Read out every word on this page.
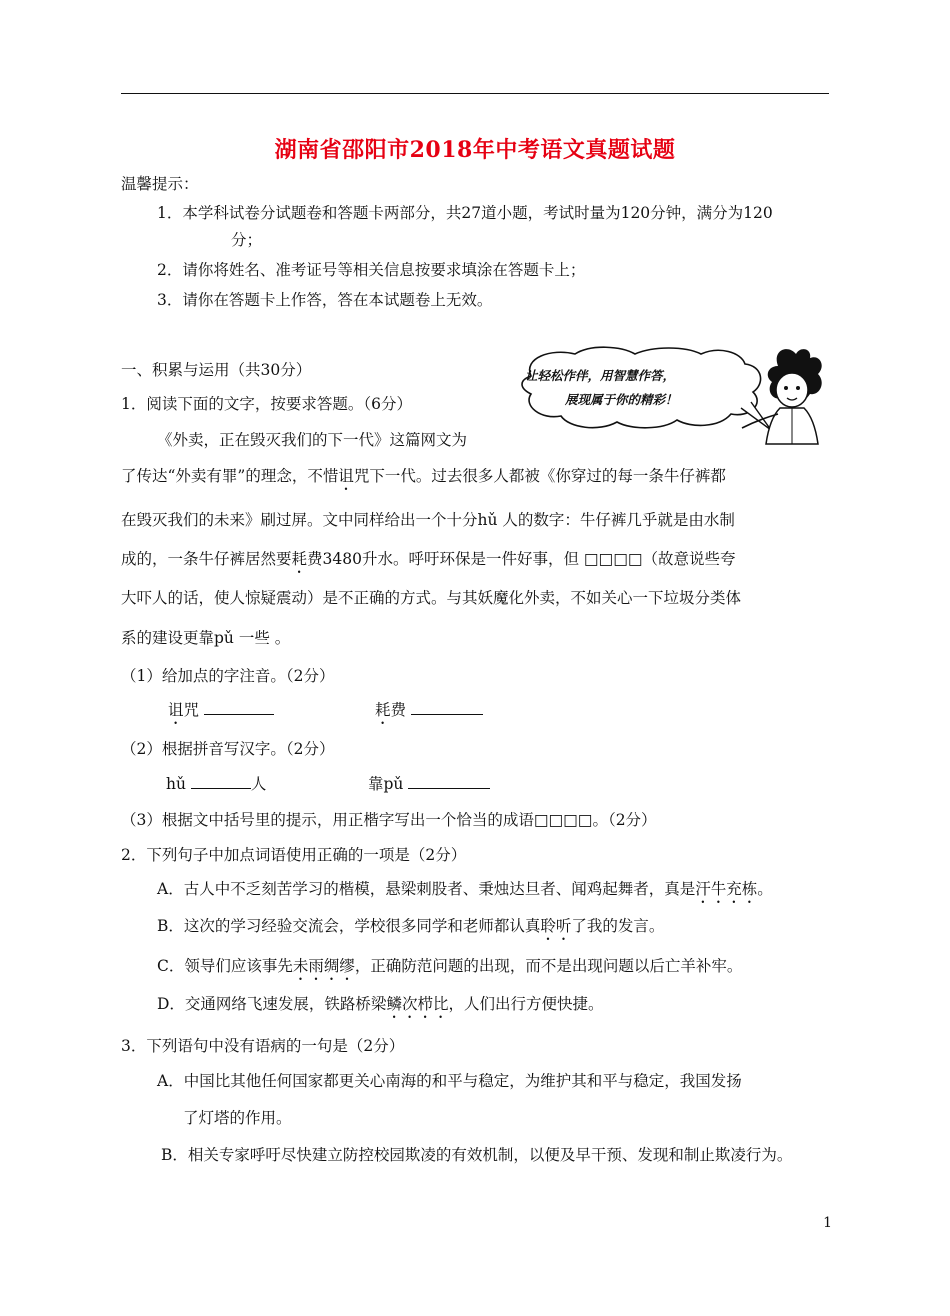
湖南省邵阳市2018年中考语文真题试题
温馨提示：
1．本学科试卷分试题卷和答题卡两部分，共27道小题，考试时量为120分钟，满分为120
分；
2．请你将姓名、准考证号等相关信息按要求填涂在答题卡上；
3．请你在答题卡上作答，答在本试题卷上无效。
让轻松作伴，用智慧作答，
展现属于你的精彩！
一、积累与运用（共30分）
1．阅读下面的文字，按要求答题。（6分）
《外卖，正在毁灭我们的下一代》这篇网文为
了传达“外卖有罪”的理念，不惜诅咒下一代。过去很多人都被《你穿过的每一条牛仔裤都
在毁灭我们的未来》刷过屏。文中同样给出一个十分hǔ 人的数字：牛仔裤几乎就是由水制
成的，一条牛仔裤居然要耗费3480升水。呼吁环保是一件好事，但 □□□□（故意说些夸
大吓人的话，使人惊疑震动）是不正确的方式。与其妖魔化外卖，不如关心一下垃圾分类体
系的建设更靠pǔ 一些 。
（1）给加点的字注音。（2分）
诅咒	耗费
（2）根据拼音写汉字。（2分）
hǔ	人	靠pǔ
（3）根据文中括号里的提示，用正楷字写出一个恰当的成语□□□□。（2分）
2．下列句子中加点词语使用正确的一项是（2分）
A．古人中不乏刻苦学习的楷模，悬梁刺股者、秉烛达旦者、闻鸡起舞者，真是汗牛充栋。
B．这次的学习经验交流会，学校很多同学和老师都认真聆听了我的发言。
C．领导们应该事先未雨绸缪，正确防范问题的出现，而不是出现问题以后亡羊补牢。
D．交通网络飞速发展，铁路桥梁鳞次栉比，人们出行方便快捷。
3．下列语句中没有语病的一句是（2分）
A．中国比其他任何国家都更关心南海的和平与稳定，为维护其和平与稳定，我国发扬
了灯塔的作用。
B．相关专家呼吁尽快建立防控校园欺凌的有效机制，以便及早干预、发现和制止欺凌行为。
1
